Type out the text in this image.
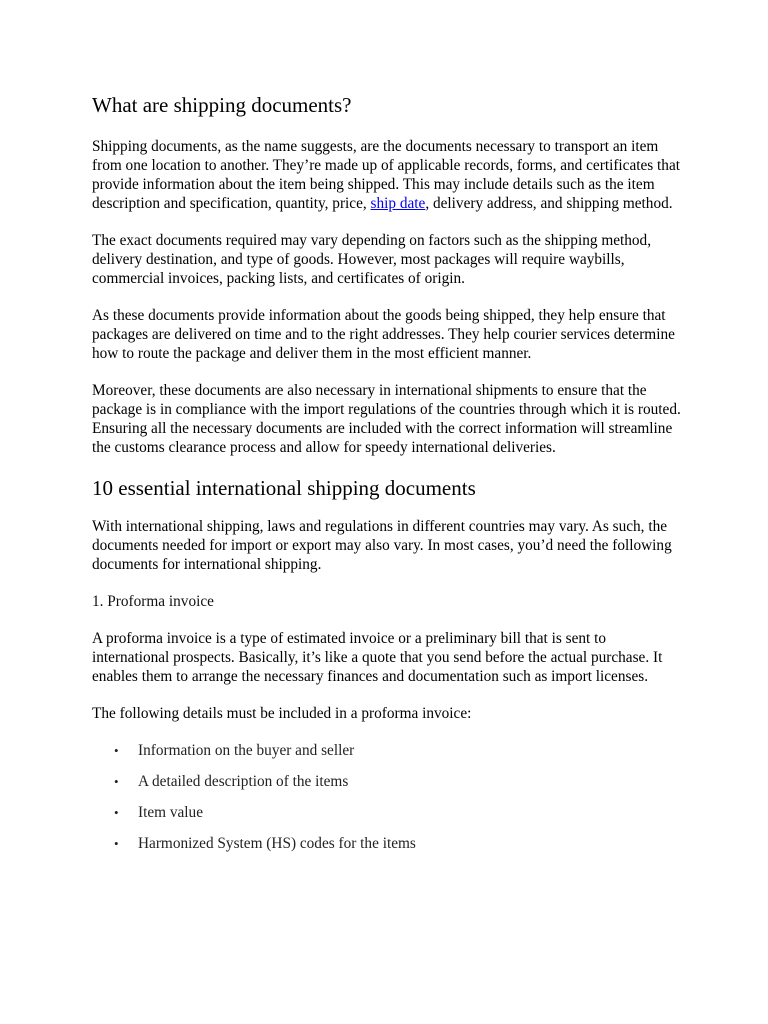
What are shipping documents?

Shipping documents, as the name suggests, are the documents necessary to transport an item from one location to another. They’re made up of applicable records, forms, and certificates that provide information about the item being shipped. This may include details such as the item description and specification, quantity, price, ship date, delivery address, and shipping method.

The exact documents required may vary depending on factors such as the shipping method, delivery destination, and type of goods. However, most packages will require waybills, commercial invoices, packing lists, and certificates of origin.

As these documents provide information about the goods being shipped, they help ensure that packages are delivered on time and to the right addresses. They help courier services determine how to route the package and deliver them in the most efficient manner.

Moreover, these documents are also necessary in international shipments to ensure that the package is in compliance with the import regulations of the countries through which it is routed. Ensuring all the necessary documents are included with the correct information will streamline the customs clearance process and allow for speedy international deliveries.

10 essential international shipping documents

With international shipping, laws and regulations in different countries may vary. As such, the documents needed for import or export may also vary. In most cases, you’d need the following documents for international shipping.

1. Proforma invoice

A proforma invoice is a type of estimated invoice or a preliminary bill that is sent to international prospects. Basically, it’s like a quote that you send before the actual purchase. It enables them to arrange the necessary finances and documentation such as import licenses.

The following details must be included in a proforma invoice:

• Information on the buyer and seller
• A detailed description of the items
• Item value
• Harmonized System (HS) codes for the items
